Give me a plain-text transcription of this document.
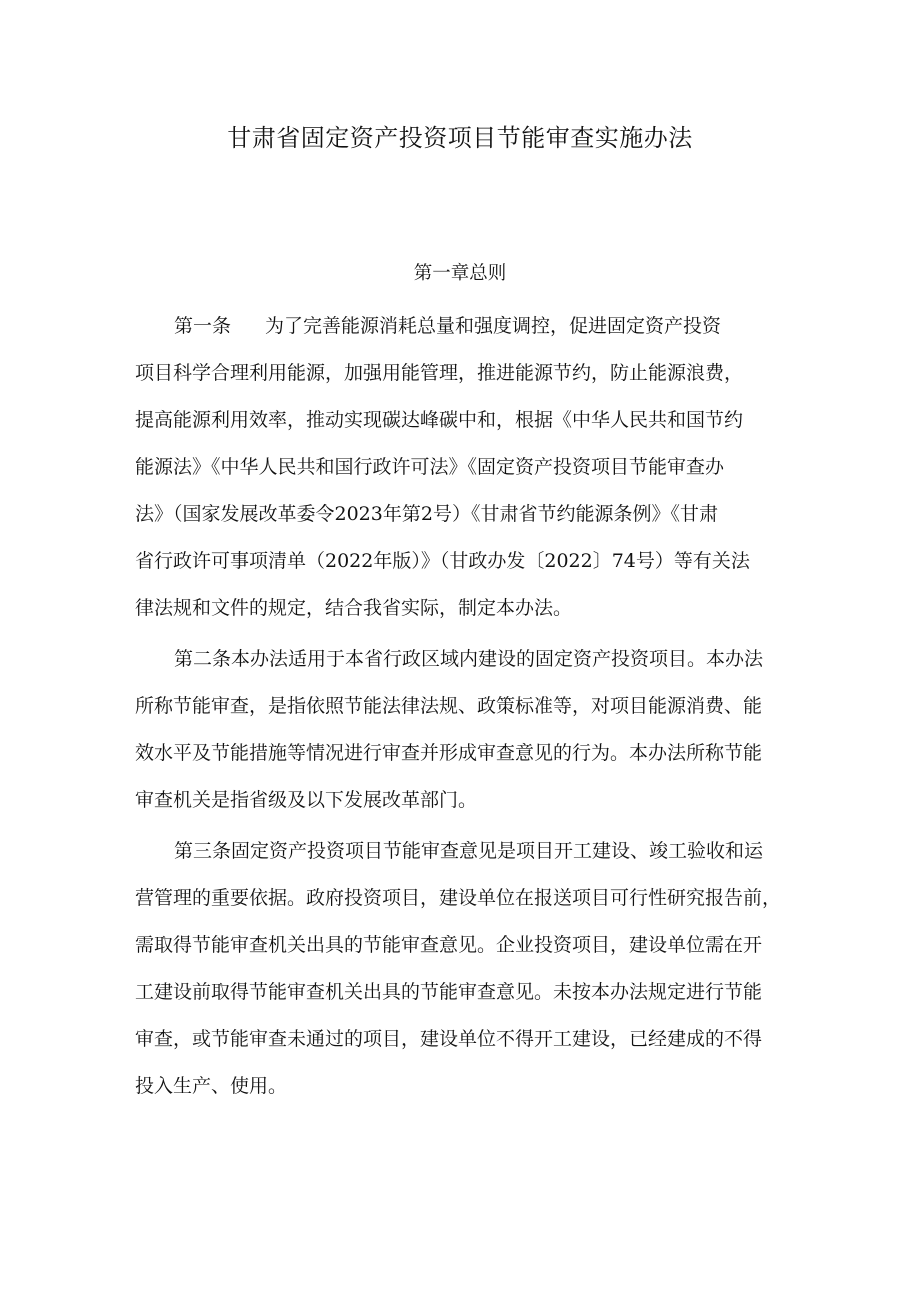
甘肃省固定资产投资项目节能审查实施办法
第一章总则

第一条 为了完善能源消耗总量和强度调控，促进固定资产投资

项目科学合理利用能源，加强用能管理，推进能源节约，防止能源浪费，

提高能源利用效率，推动实现碳达峰碳中和，根据《中华人民共和国节约

能源法》《中华人民共和国行政许可法》《固定资产投资项目节能审查办

法》（国家发展改革委令2023年第2号）《甘肃省节约能源条例》《甘肃

省行政许可事项清单（2022年版）》（甘政办发〔2022〕74号）等有关法

律法规和文件的规定，结合我省实际，制定本办法。

第二条本办法适用于本省行政区域内建设的固定资产投资项目。本办法

所称节能审查，是指依照节能法律法规、政策标准等，对项目能源消费、能

效水平及节能措施等情况进行审查并形成审查意见的行为。本办法所称节能

审查机关是指省级及以下发展改革部门。

第三条固定资产投资项目节能审查意见是项目开工建设、竣工验收和运

营管理的重要依据。政府投资项目，建设单位在报送项目可行性研究报告前，

需取得节能审查机关出具的节能审查意见。企业投资项目，建设单位需在开

工建设前取得节能审查机关出具的节能审查意见。未按本办法规定进行节能

审查，或节能审查未通过的项目，建设单位不得开工建设，已经建成的不得

投入生产、使用。
